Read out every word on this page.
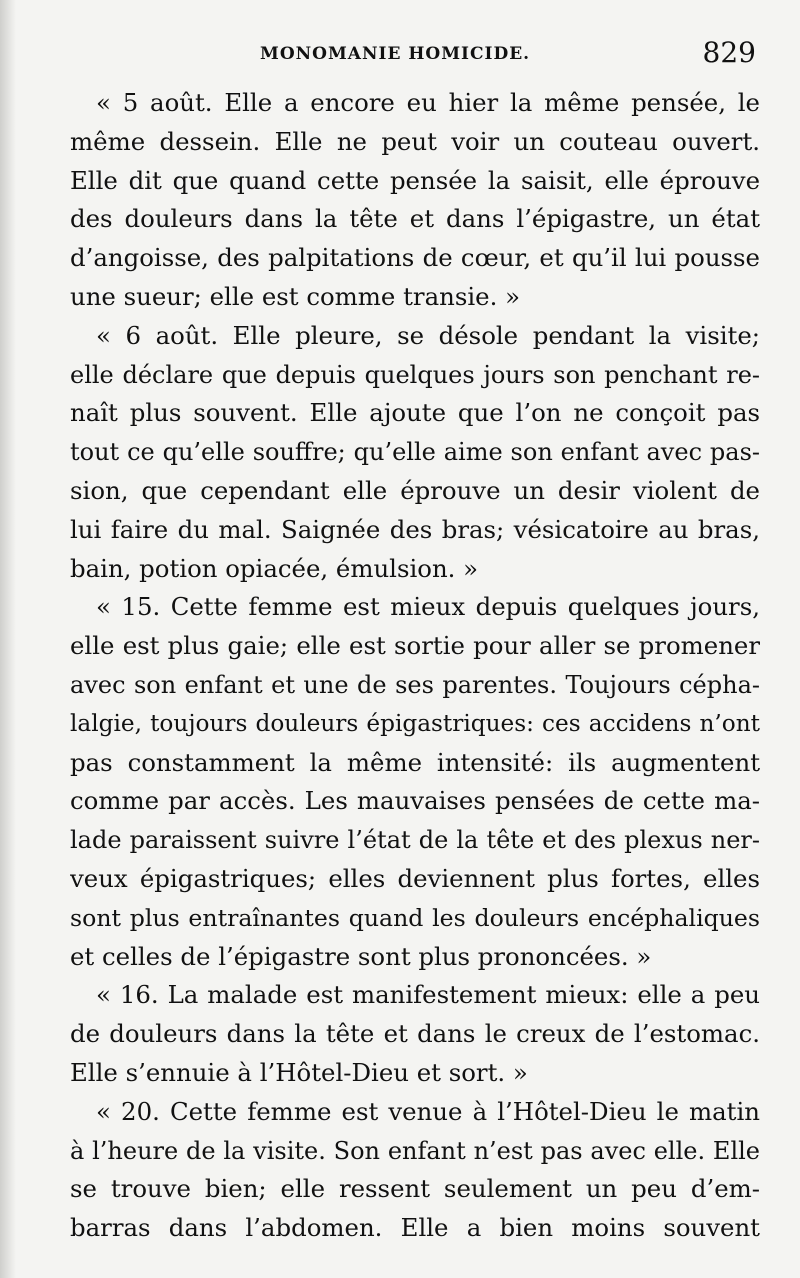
MONOMANIE HOMICIDE.	829
« 5 août. Elle a encore eu hier la même pensée, le
même dessein. Elle ne peut voir un couteau ouvert.
Elle dit que quand cette pensée la saisit, elle éprouve
des douleurs dans la tête et dans l’épigastre, un état
d’angoisse, des palpitations de cœur, et qu’il lui pousse
une sueur; elle est comme transie. »
« 6 août. Elle pleure, se désole pendant la visite;
elle déclare que depuis quelques jours son penchant re-
naît plus souvent. Elle ajoute que l’on ne conçoit pas
tout ce qu’elle souffre; qu’elle aime son enfant avec pas-
sion, que cependant elle éprouve un desir violent de
lui faire du mal. Saignée des bras; vésicatoire au bras,
bain, potion opiacée, émulsion. »
« 15. Cette femme est mieux depuis quelques jours,
elle est plus gaie; elle est sortie pour aller se promener
avec son enfant et une de ses parentes. Toujours cépha-
lalgie, toujours douleurs épigastriques: ces accidens n’ont
pas constamment la même intensité: ils augmentent
comme par accès. Les mauvaises pensées de cette ma-
lade paraissent suivre l’état de la tête et des plexus ner-
veux épigastriques; elles deviennent plus fortes, elles
sont plus entraînantes quand les douleurs encéphaliques
et celles de l’épigastre sont plus prononcées. »
« 16. La malade est manifestement mieux: elle a peu
de douleurs dans la tête et dans le creux de l’estomac.
Elle s’ennuie à l’Hôtel-Dieu et sort. »
« 20. Cette femme est venue à l’Hôtel-Dieu le matin
à l’heure de la visite. Son enfant n’est pas avec elle. Elle
se trouve bien; elle ressent seulement un peu d’em-
barras dans l’abdomen. Elle a bien moins souvent
